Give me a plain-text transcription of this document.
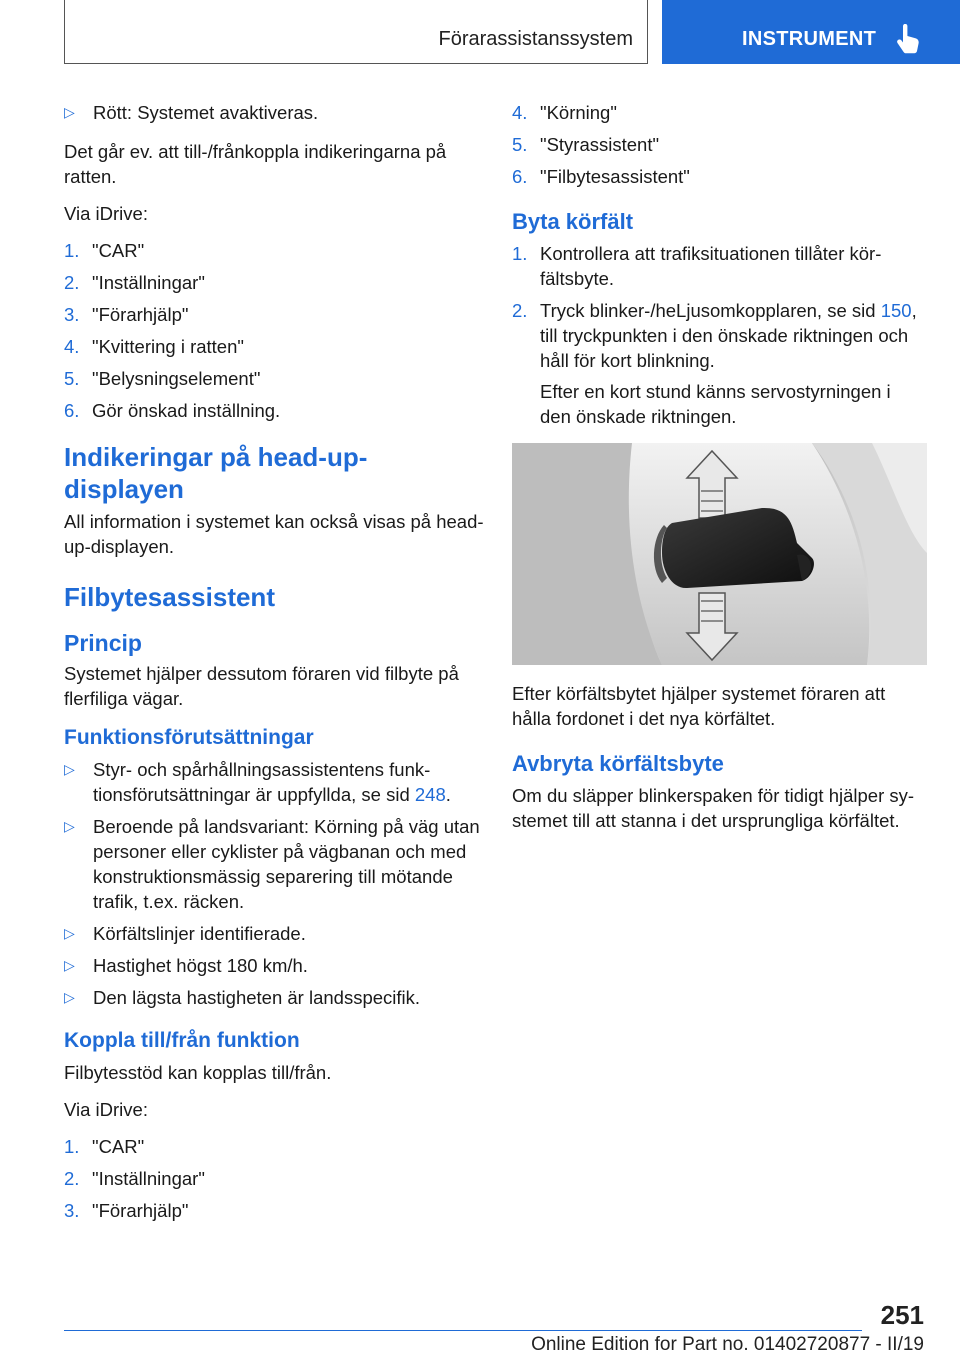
Förarassistanssystem	INSTRUMENT
▷ Rött: Systemet avaktiveras.

Det går ev. att till-/frånkoppla indikeringarna på ratten.

Via iDrive:

1. "CAR"
2. "Inställningar"
3. "Förarhjälp"
4. "Kvittering i ratten"
5. "Belysningselement"
6. Gör önskad inställning.
Indikeringar på head-up-displayen

All information i systemet kan också visas på head-up-displayen.

Filbytesassistent
Princip

Systemet hjälper dessutom föraren vid filbyte på flerfiliga vägar.

Funktionsförutsättningar
▷ Styr- och spårhållningsassistentens funktionsförutsättningar är uppfyllda, se sid 248.
▷ Beroende på landsvariant: Körning på väg utan personer eller cyklister på vägbanan och med konstruktionsmässig separering till mötande trafik, t.ex. räcken.
▷ Körfältslinjer identifierade.
▷ Hastighet högst 180 km/h.
▷ Den lägsta hastigheten är landsspecifik.
Koppla till/från funktion

Filbytesstöd kan kopplas till/från.

Via iDrive:

1. "CAR"
2. "Inställningar"
3. "Förarhjälp"
4. "Körning"
5. "Styrassistent"
6. "Filbytesassistent"
Byta körfält
1. Kontrollera att trafiksituationen tillåter körfältsbyte.
2. Tryck blinker-/heLjusomkopplaren, se sid 150, till tryckpunkten i den önskade riktningen och håll för kort blinkning.

Efter en kort stund känns servostyrningen i den önskade riktningen.

Efter körfältsbytet hjälper systemet föraren att hålla fordonet i det nya körfältet.

Avbryta körfältsbyte

Om du släpper blinkerspaken för tidigt hjälper systemet till att stanna i det ursprungliga körfältet.

251
Online Edition for Part no. 01402720877 - II/19
